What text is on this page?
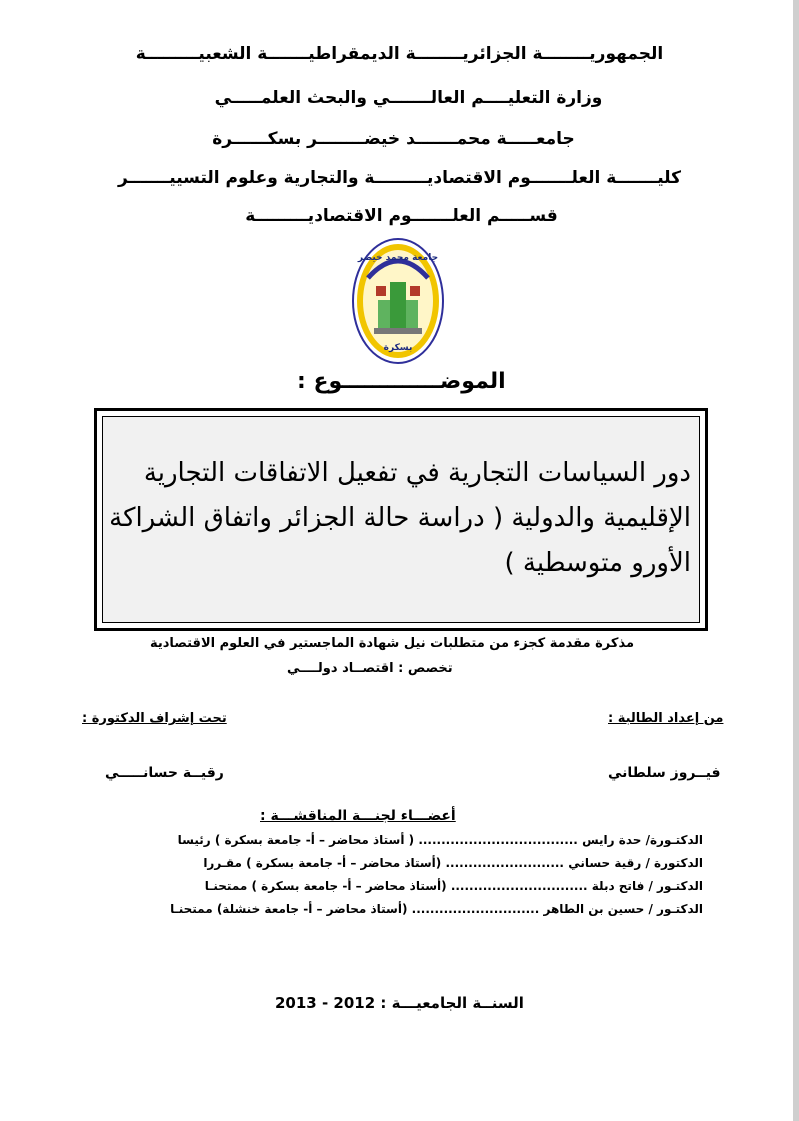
الجمهوريــــــــة الجزائريــــــــة الديمقراطيـــــــة الشعبيـــــــــة
وزارة التعليــــم العالـــــــي والبحث العلمـــــي
جامعـــــة محمـــــــد خيضــــــــر بسكــــــرة
كليـــــــة العلـــــــوم الاقتصاديـــــــــة والتجارية وعلوم التسييـــــــر
قســـــم العلـــــــوم الاقتصاديـــــــــة
جامعة محمد خيضر
بسكرة
الموضـــــــــــــوع :
دور السياسات التجارية في تفعيل الاتفاقات التجارية الإقليمية والدولية ( دراسة حالة الجزائر واتفاق الشراكة الأورو متوسطية )
مذكرة مقدمة كجزء من متطلبات نيل شهادة الماجستير في العلوم الاقتصادية
تخصص : اقتصــاد دولــــي
من إعداد الطالبة :
تحت إشراف الدكتورة :
فيــروز سلطاني
رقيــة حسانـــــي
أعضـــاء لجنـــة المناقشـــة :
الدكتـورة/ حدة رايس ................................... ( أستاذ محاضر – أ- جامعة بسكرة ) رئيسا
الدكتورة / رقية حساني .......................... (أستاذ محاضر – أ- جامعة بسكرة ) مقـررا
الدكتـور / فاتح دبلة .............................. (أستاذ محاضر – أ- جامعة بسكرة ) ممتحنـا
الدكتـور / حسين بن الطاهر ............................ (أستاذ محاضر – أ- جامعة خنشلة) ممتحنـا
السنــة الجامعيـــة : 2012 - 2013
